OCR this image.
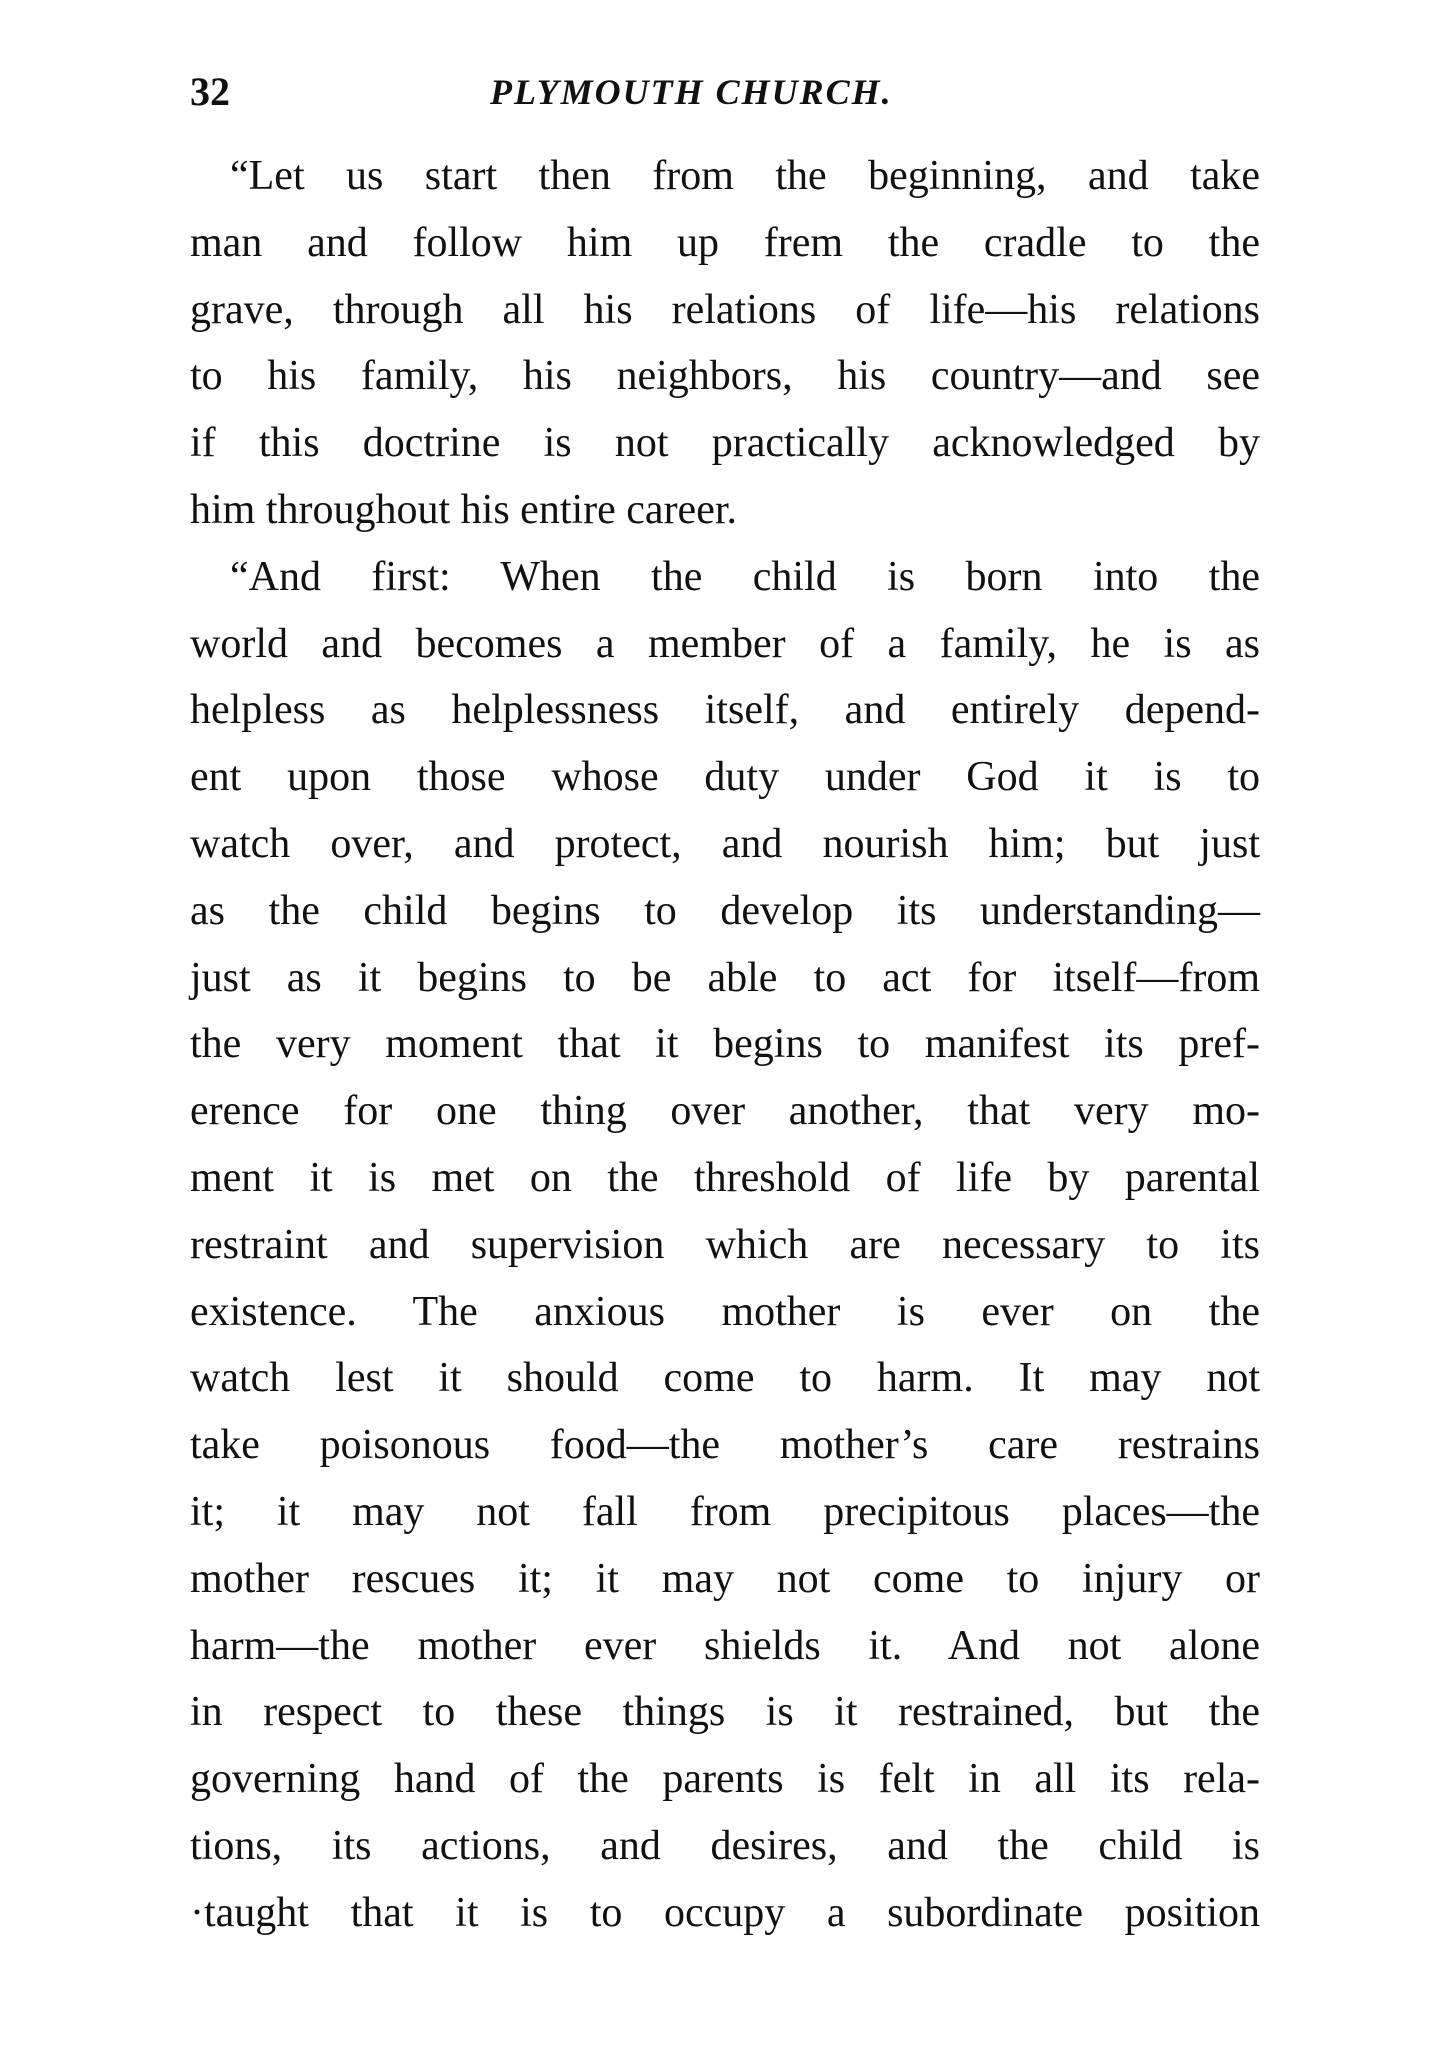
32	PLYMOUTH CHURCH.
“Let us start then from the beginning, and take
man and follow him up frem the cradle to the
grave, through all his relations of life—his relations
to his family, his neighbors, his country—and see
if this doctrine is not practically acknowledged by
him throughout his entire career.
“And first: When the child is born into the
world and becomes a member of a family, he is as
helpless as helplessness itself, and entirely depend-
ent upon those whose duty under God it is to
watch over, and protect, and nourish him; but just
as the child begins to develop its understanding—
just as it begins to be able to act for itself—from
the very moment that it begins to manifest its pref-
erence for one thing over another, that very mo-
ment it is met on the threshold of life by parental
restraint and supervision which are necessary to its
existence. The anxious mother is ever on the
watch lest it should come to harm. It may not
take poisonous food—the mother’s care restrains
it; it may not fall from precipitous places—the
mother rescues it; it may not come to injury or
harm—the mother ever shields it. And not alone
in respect to these things is it restrained, but the
governing hand of the parents is felt in all its rela-
tions, its actions, and desires, and the child is
·taught that it is to occupy a subordinate position
